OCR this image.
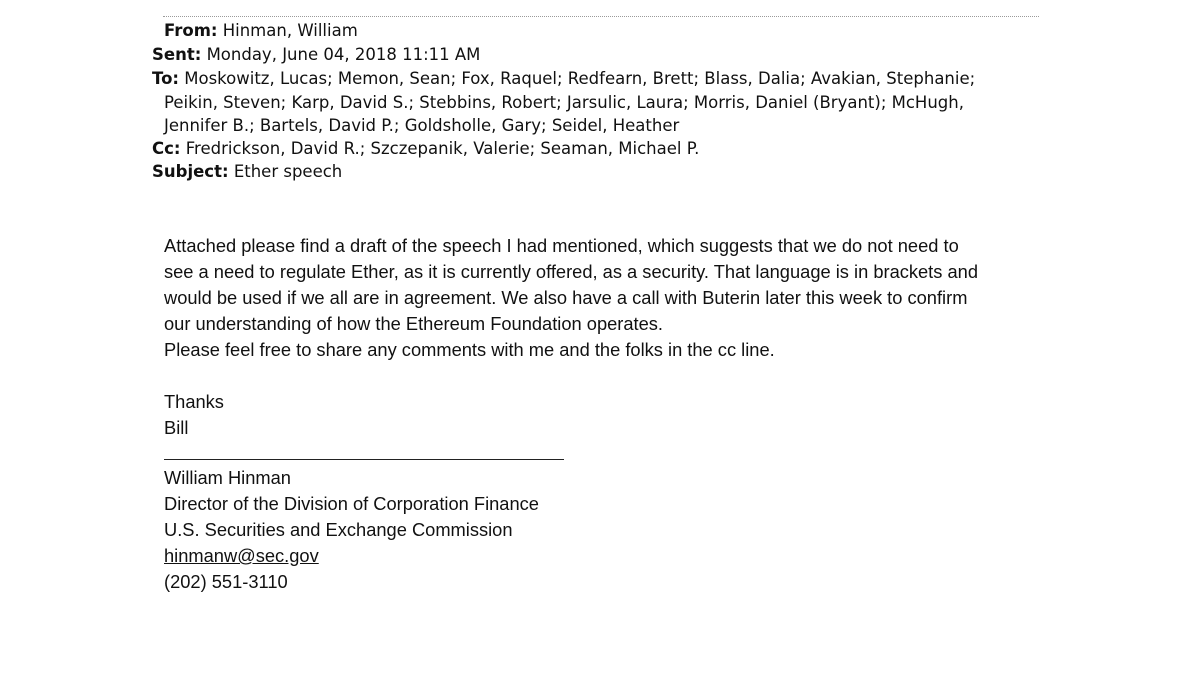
From: Hinman, William
Sent: Monday, June 04, 2018 11:11 AM
To: Moskowitz, Lucas; Memon, Sean; Fox, Raquel; Redfearn, Brett; Blass, Dalia; Avakian, Stephanie;
Peikin, Steven; Karp, David S.; Stebbins, Robert; Jarsulic, Laura; Morris, Daniel (Bryant); McHugh,
Jennifer B.; Bartels, David P.; Goldsholle, Gary; Seidel, Heather
Cc: Fredrickson, David R.; Szczepanik, Valerie; Seaman, Michael P.
Subject: Ether speech
Attached please find a draft of the speech I had mentioned, which suggests that we do not need to
see a need to regulate Ether, as it is currently offered, as a security. That language is in brackets and
would be used if we all are in agreement. We also have a call with Buterin later this week to confirm
our understanding of how the Ethereum Foundation operates.
Please feel free to share any comments with me and the folks in the cc line.
Thanks
Bill
William Hinman
Director of the Division of Corporation Finance
U.S. Securities and Exchange Commission
hinmanw@sec.gov
(202) 551-3110
